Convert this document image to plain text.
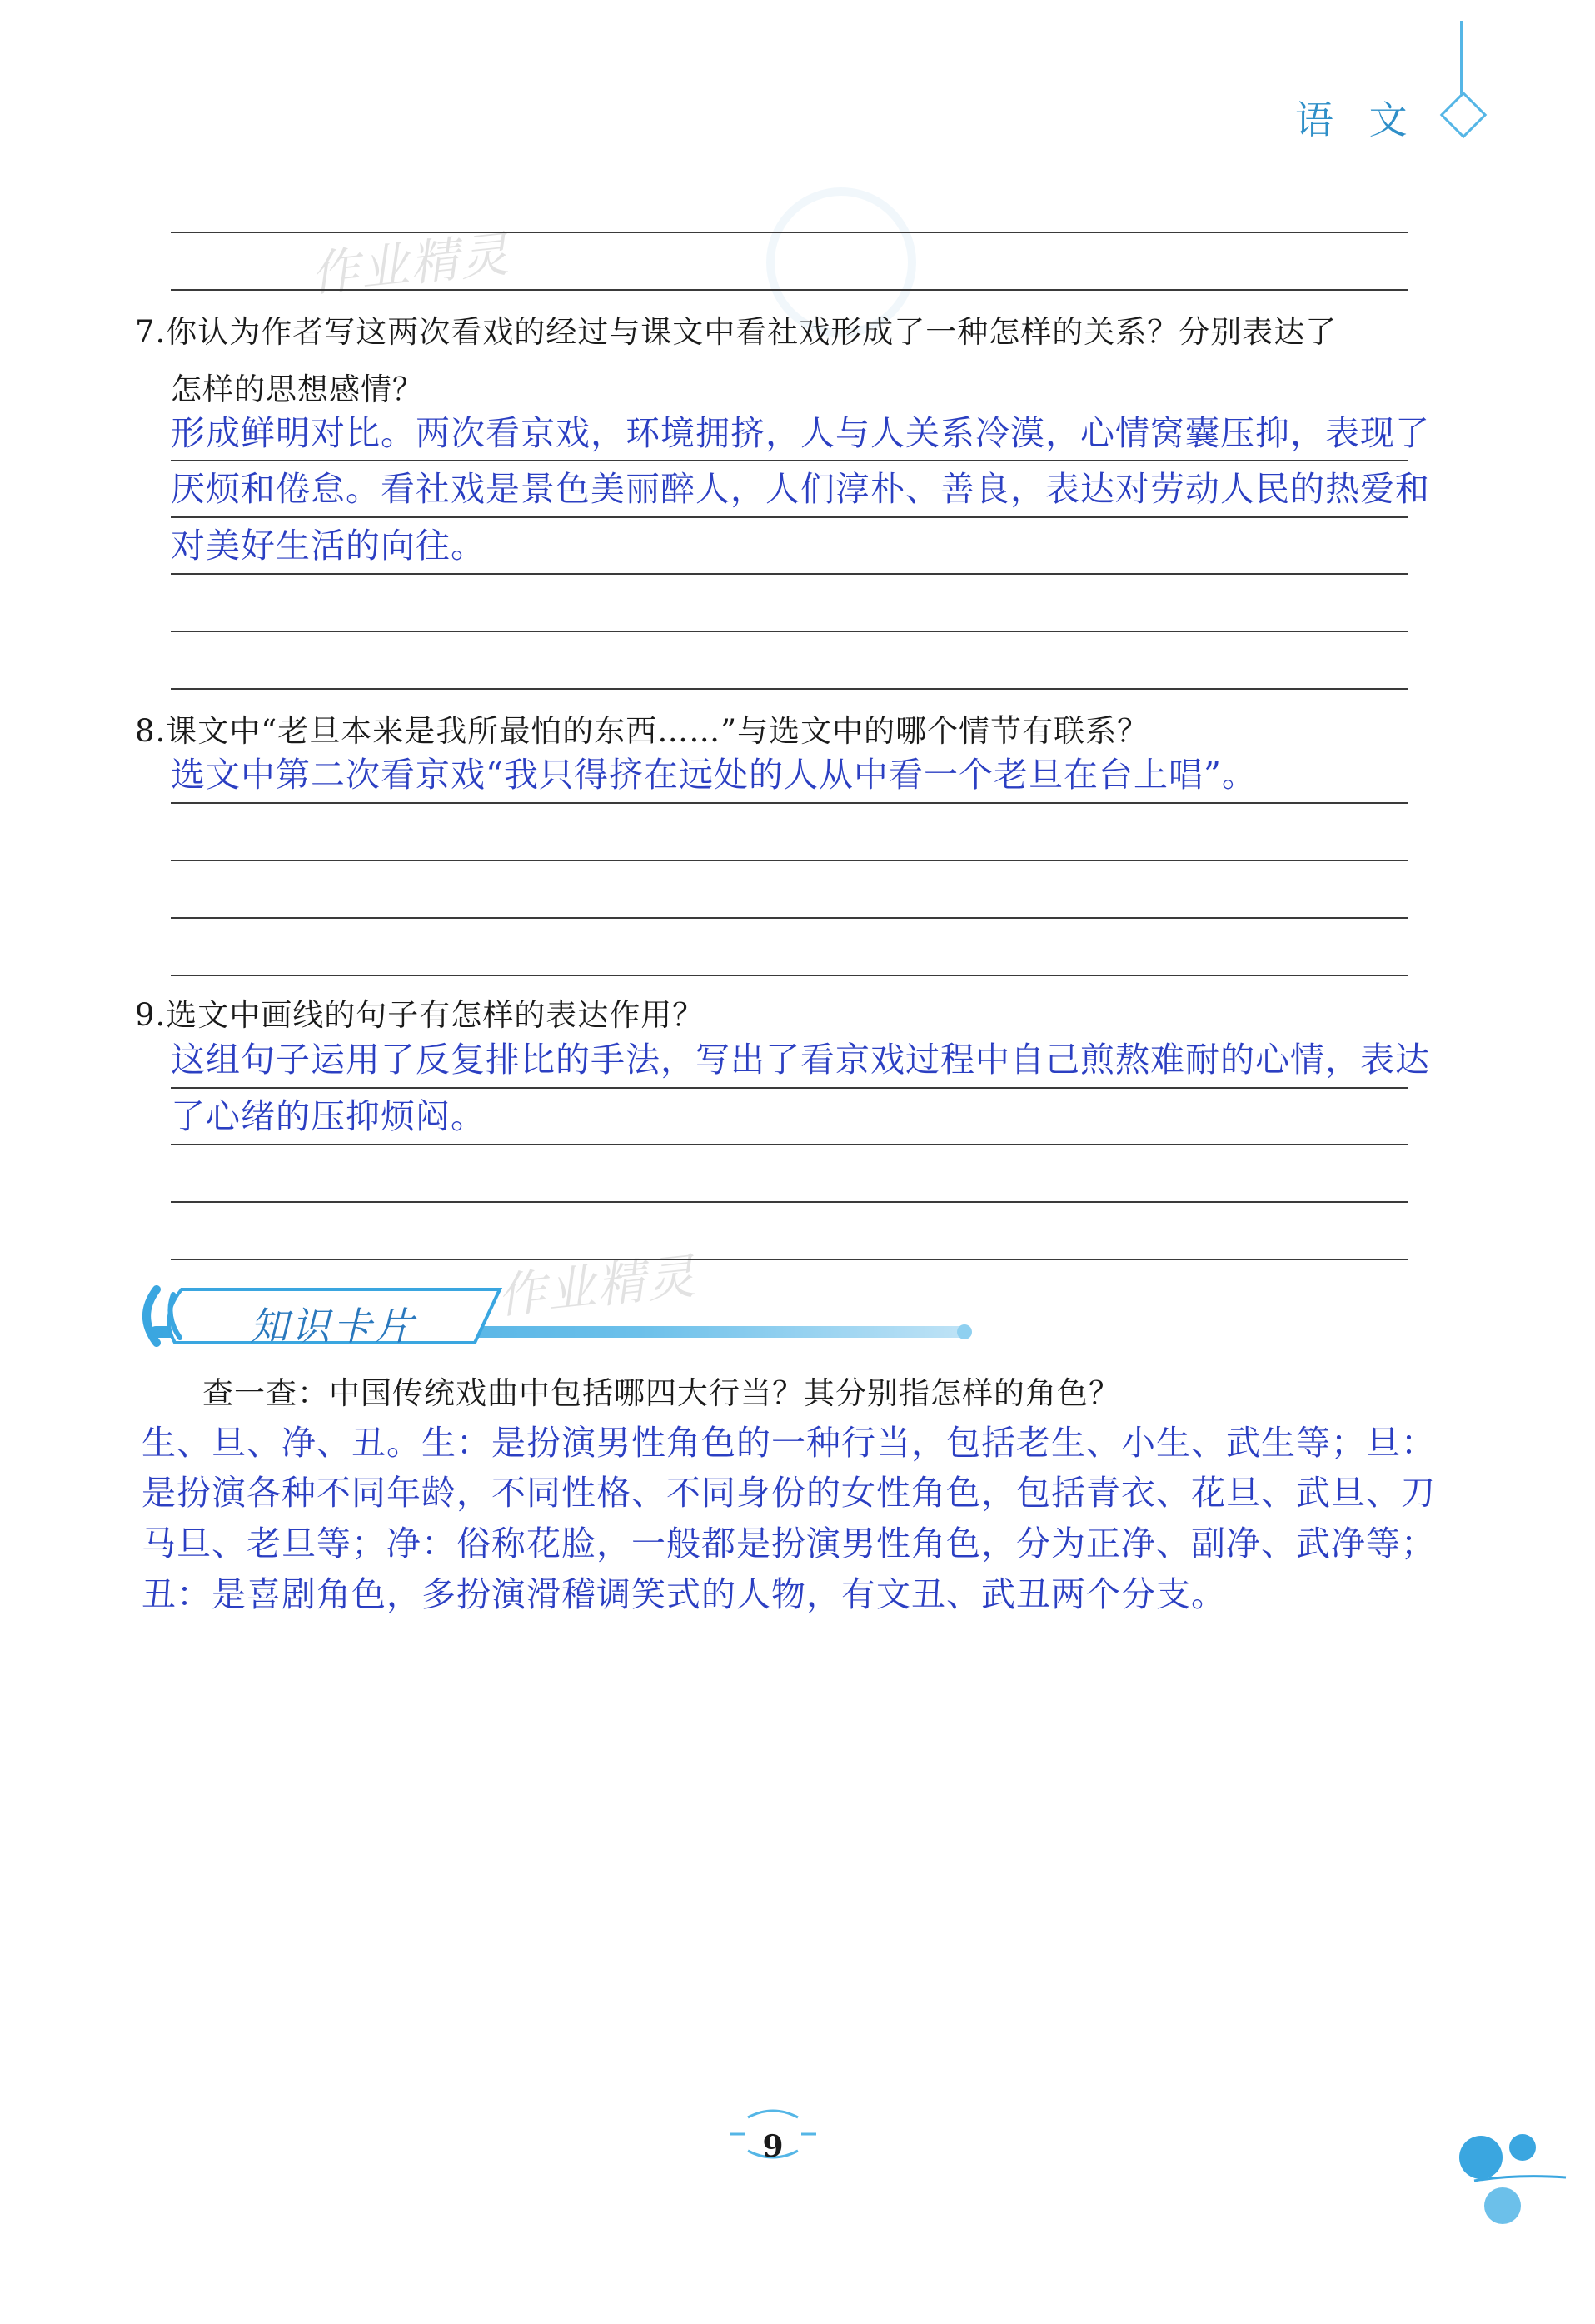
语 文
作业精灵
作业精灵
7.你认为作者写这两次看戏的经过与课文中看社戏形成了一种怎样的关系？分别表达了
怎样的思想感情？
形成鲜明对比。两次看京戏，环境拥挤，人与人关系冷漠，心情窝囊压抑，表现了
厌烦和倦怠。看社戏是景色美丽醉人，人们淳朴、善良，表达对劳动人民的热爱和
对美好生活的向往。
8.课文中“老旦本来是我所最怕的东西……”与选文中的哪个情节有联系？
选文中第二次看京戏“我只得挤在远处的人从中看一个老旦在台上唱”。
9.选文中画线的句子有怎样的表达作用？
这组句子运用了反复排比的手法，写出了看京戏过程中自己煎熬难耐的心情，表达
了心绪的压抑烦闷。
知识卡片
查一查：中国传统戏曲中包括哪四大行当？其分别指怎样的角色？
生、旦、净、丑。生：是扮演男性角色的一种行当，包括老生、小生、武生等；旦：
是扮演各种不同年龄，不同性格、不同身份的女性角色，包括青衣、花旦、武旦、刀
马旦、老旦等；净：俗称花脸，一般都是扮演男性角色，分为正净、副净、武净等；
丑：是喜剧角色，多扮演滑稽调笑式的人物，有文丑、武丑两个分支。
9
